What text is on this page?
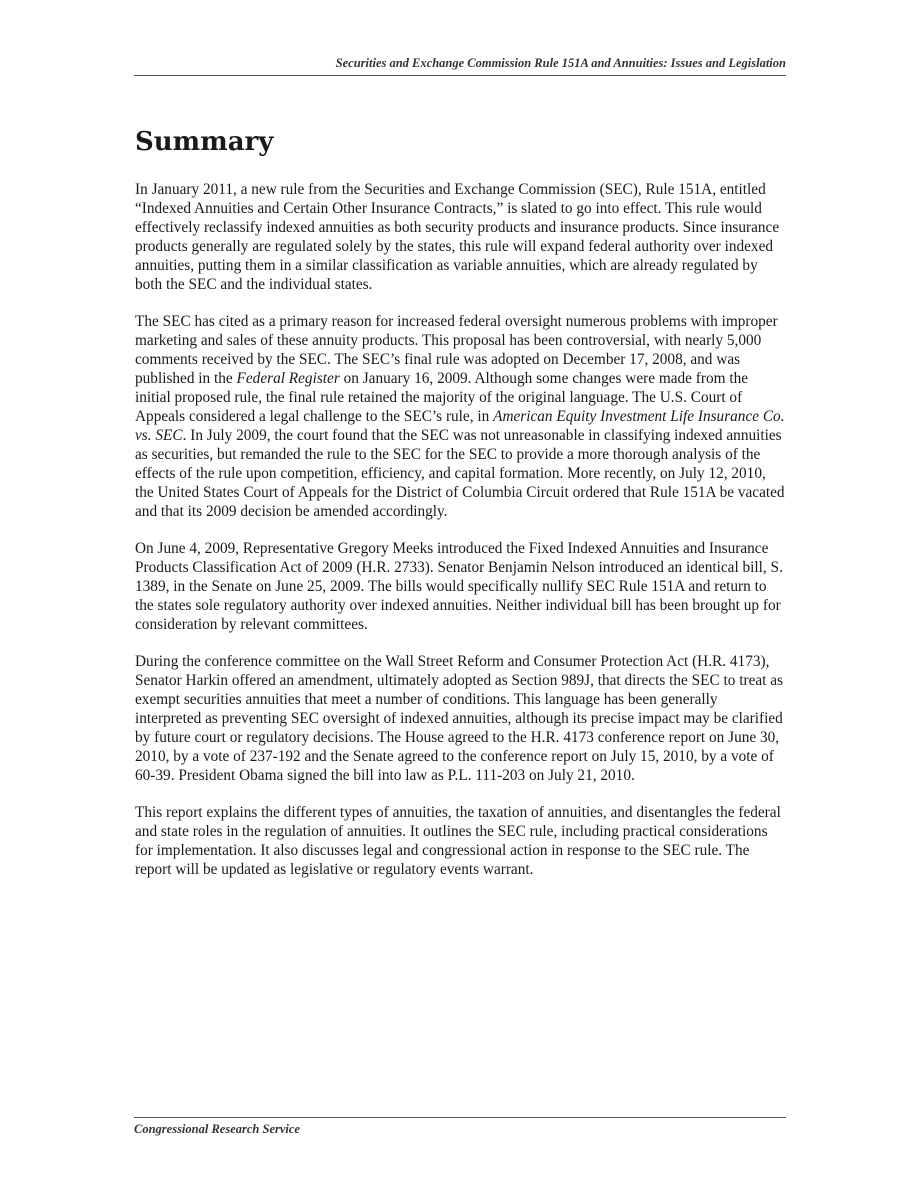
Securities and Exchange Commission Rule 151A and Annuities: Issues and Legislation
Summary

In January 2011, a new rule from the Securities and Exchange Commission (SEC), Rule 151A, entitled “Indexed Annuities and Certain Other Insurance Contracts,” is slated to go into effect. This rule would effectively reclassify indexed annuities as both security products and insurance products. Since insurance products generally are regulated solely by the states, this rule will expand federal authority over indexed annuities, putting them in a similar classification as variable annuities, which are already regulated by both the SEC and the individual states.

The SEC has cited as a primary reason for increased federal oversight numerous problems with improper marketing and sales of these annuity products. This proposal has been controversial, with nearly 5,000 comments received by the SEC. The SEC’s final rule was adopted on December 17, 2008, and was published in the Federal Register on January 16, 2009. Although some changes were made from the initial proposed rule, the final rule retained the majority of the original language. The U.S. Court of Appeals considered a legal challenge to the SEC’s rule, in American Equity Investment Life Insurance Co. vs. SEC. In July 2009, the court found that the SEC was not unreasonable in classifying indexed annuities as securities, but remanded the rule to the SEC for the SEC to provide a more thorough analysis of the effects of the rule upon competition, efficiency, and capital formation. More recently, on July 12, 2010, the United States Court of Appeals for the District of Columbia Circuit ordered that Rule 151A be vacated and that its 2009 decision be amended accordingly.

On June 4, 2009, Representative Gregory Meeks introduced the Fixed Indexed Annuities and Insurance Products Classification Act of 2009 (H.R. 2733). Senator Benjamin Nelson introduced an identical bill, S. 1389, in the Senate on June 25, 2009. The bills would specifically nullify SEC Rule 151A and return to the states sole regulatory authority over indexed annuities. Neither individual bill has been brought up for consideration by relevant committees.

During the conference committee on the Wall Street Reform and Consumer Protection Act (H.R. 4173), Senator Harkin offered an amendment, ultimately adopted as Section 989J, that directs the SEC to treat as exempt securities annuities that meet a number of conditions. This language has been generally interpreted as preventing SEC oversight of indexed annuities, although its precise impact may be clarified by future court or regulatory decisions. The House agreed to the H.R. 4173 conference report on June 30, 2010, by a vote of 237-192 and the Senate agreed to the conference report on July 15, 2010, by a vote of 60-39. President Obama signed the bill into law as P.L. 111-203 on July 21, 2010.

This report explains the different types of annuities, the taxation of annuities, and disentangles the federal and state roles in the regulation of annuities. It outlines the SEC rule, including practical considerations for implementation. It also discusses legal and congressional action in response to the SEC rule. The report will be updated as legislative or regulatory events warrant.

Congressional Research Service
